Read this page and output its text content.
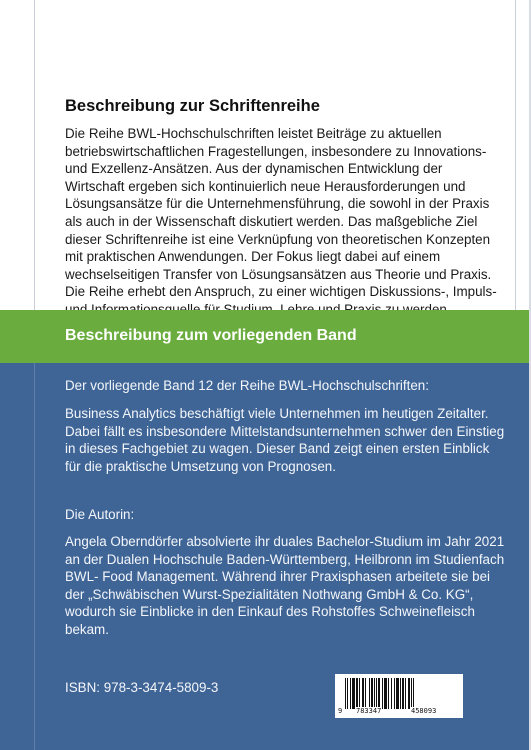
Beschreibung zur Schriftenreihe

Die Reihe BWL-Hochschulschriften leistet Beiträge zu aktuellen betriebswirtschaftlichen Fragestellungen, insbesondere zu Innovations- und Exzellenz-Ansätzen. Aus der dynamischen Entwicklung der Wirtschaft ergeben sich kontinuierlich neue Herausforderungen und Lösungsansätze für die Unternehmensführung, die sowohl in der Praxis als auch in der Wissenschaft diskutiert werden. Das maßgebliche Ziel dieser Schriftenreihe ist eine Verknüpfung von theoretischen Konzepten mit praktischen Anwendungen. Der Fokus liegt dabei auf einem wechselseitigen Transfer von Lösungsansätzen aus Theorie und Praxis. Die Reihe erhebt den Anspruch, zu einer wichtigen Diskussions-, Impuls-

Beschreibung zum vorliegenden Band

Der vorliegende Band 12 der Reihe BWL-Hochschulschriften:

Business Analytics beschäftigt viele Unternehmen im heutigen Zeitalter. Dabei fällt es insbesondere Mittelstandsunternehmen schwer den Einstieg in dieses Fachgebiet zu wagen. Dieser Band zeigt einen ersten Einblick für die praktische Umsetzung von Prognosen.

Die Autorin:

Angela Oberndörfer absolvierte ihr duales Bachelor-Studium im Jahr 2021 an der Dualen Hochschule Baden-Württemberg, Heilbronn im Studienfach BWL- Food Management. Während ihrer Praxisphasen arbeitete sie bei der „Schwäbischen Wurst-Spezialitäten Nothwang GmbH & Co. KG“, wodurch sie Einblicke in den Einkauf des Rohstoffes Schweinefleisch bekam.

ISBN: 978-3-3474-5809-3

9 783347	458093
